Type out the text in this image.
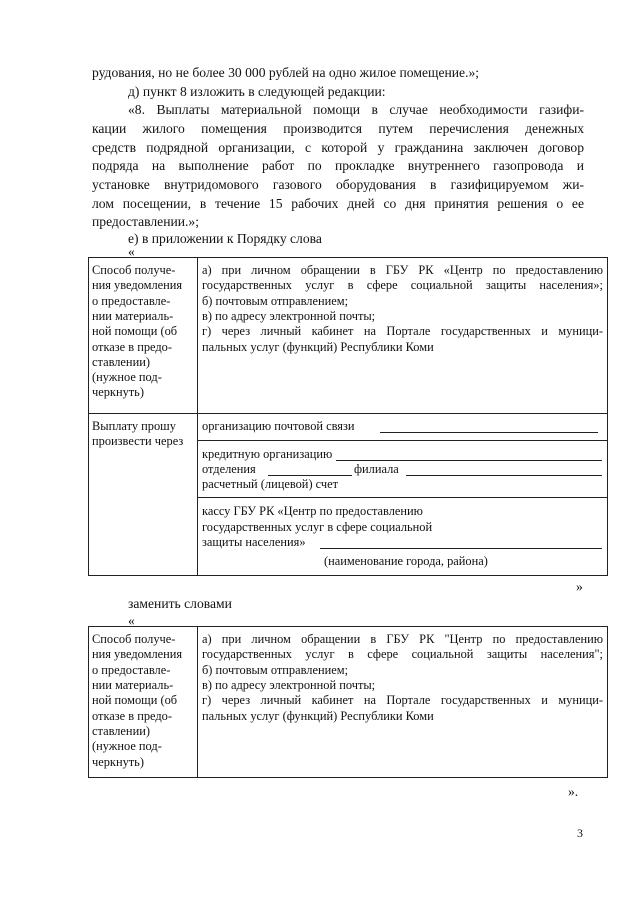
рудования, но не более 30 000 рублей на одно жилое помещение.»;
д) пункт 8 изложить в следующей редакции:
«8. Выплаты материальной помощи в случае необходимости газифи-
кации жилого помещения производится путем перечисления денежных
средств подрядной организации, с которой у гражданина заключен договор
подряда на выполнение работ по прокладке внутреннего газопровода и
установке внутридомового газового оборудования в газифицируемом жи-
лом посещении, в течение 15 рабочих дней со дня принятия решения о ее
предоставлении.»;
е) в приложении к Порядку слова
«
Способ получе-
ния уведомления
о предоставле-
нии материаль-
ной помощи (об
отказе в предо-
ставлении)
(нужное под-
черкнуть)
а) при личном обращении в ГБУ РК «Центр по предоставлению
государственных услуг в сфере социальной защиты населения»;
б) почтовым отправлением;
в) по адресу электронной почты;
г) через личный кабинет на Портале государственных и муници-
пальных услуг (функций) Республики Коми
Выплату прошу
произвести через
организацию почтовой связи
кредитную организацию
отделения	филиала
расчетный (лицевой) счет
кассу ГБУ РК «Центр по предоставлению
государственных услуг в сфере социальной
защиты населения»
(наименование города, района)
»
заменить словами
«
Способ получе-
ния уведомления
о предоставле-
нии материаль-
ной помощи (об
отказе в предо-
ставлении)
(нужное под-
черкнуть)
а) при личном обращении в ГБУ РК "Центр по предоставлению
государственных услуг в сфере социальной защиты населения";
б) почтовым отправлением;
в) по адресу электронной почты;
г) через личный кабинет на Портале государственных и муници-
пальных услуг (функций) Республики Коми
».
3
